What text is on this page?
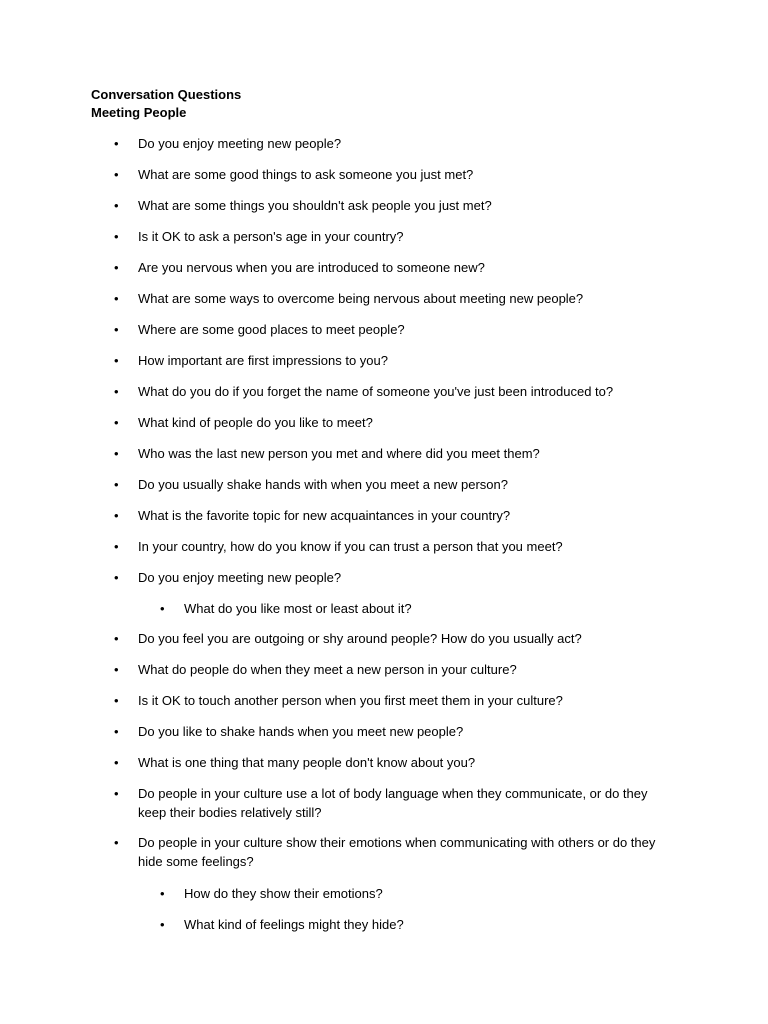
Conversation Questions
Meeting People
•	Do you enjoy meeting new people?
•	What are some good things to ask someone you just met?
•	What are some things you shouldn't ask people you just met?
•	Is it OK to ask a person's age in your country?
•	Are you nervous when you are introduced to someone new?
•	What are some ways to overcome being nervous about meeting new people?
•	Where are some good places to meet people?
•	How important are first impressions to you?
•	What do you do if you forget the name of someone you've just been introduced to?
•	What kind of people do you like to meet?
•	Who was the last new person you met and where did you meet them?
•	Do you usually shake hands with when you meet a new person?
•	What is the favorite topic for new acquaintances in your country?
•	In your country, how do you know if you can trust a person that you meet?
•	Do you enjoy meeting new people?
•	What do you like most or least about it?
•	Do you feel you are outgoing or shy around people? How do you usually act?
•	What do people do when they meet a new person in your culture?
•	Is it OK to touch another person when you first meet them in your culture?
•	Do you like to shake hands when you meet new people?
•	What is one thing that many people don't know about you?
•	Do people in your culture use a lot of body language when they communicate, or do they keep their bodies relatively still?
•	Do people in your culture show their emotions when communicating with others or do they hide some feelings?
•	How do they show their emotions?
•	What kind of feelings might they hide?
